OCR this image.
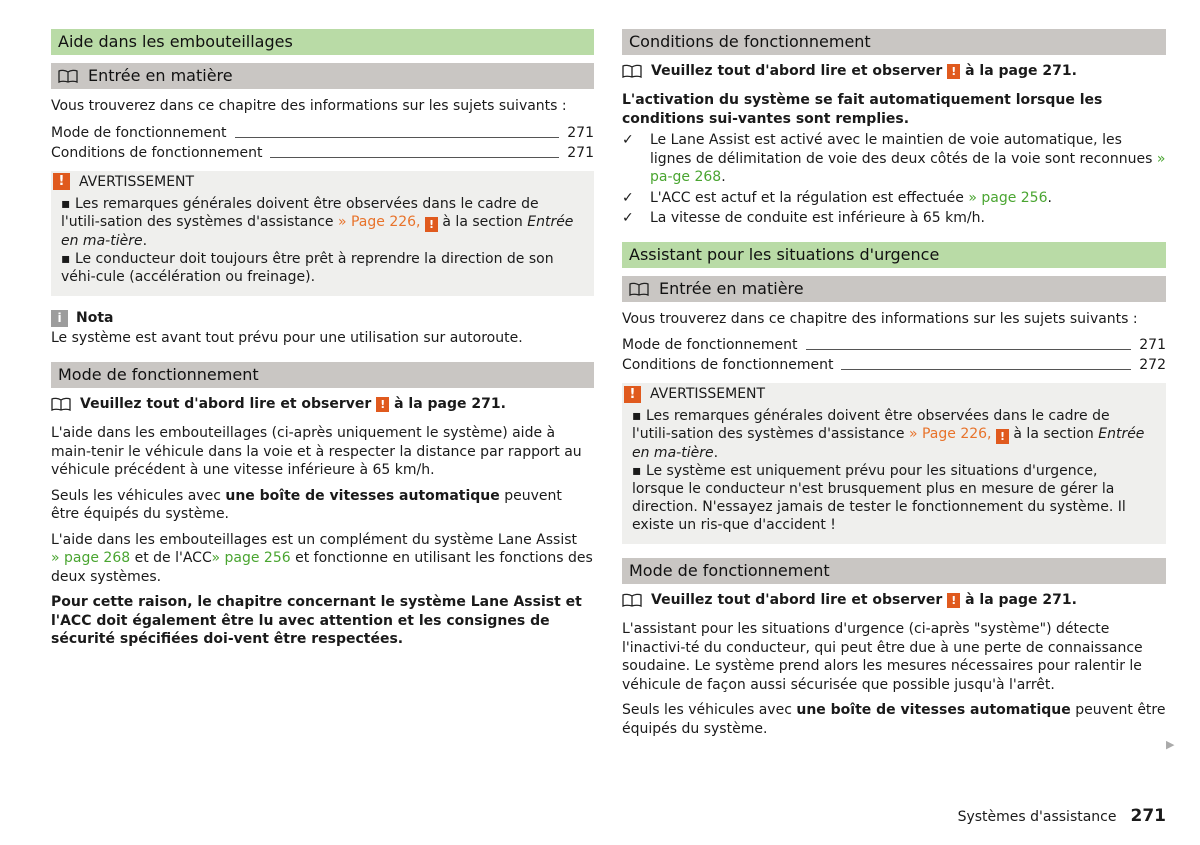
Aide dans les embouteillages
Entrée en matière

Vous trouverez dans ce chapitre des informations sur les sujets suivants :

Mode de fonctionnement	271
Conditions de fonctionnement	271
!	AVERTISSEMENT
▪ Les remarques générales doivent être observées dans le cadre de l'utili-sation des systèmes d'assistance » Page 226, ! à la section Entrée en ma-tière.
▪ Le conducteur doit toujours être prêt à reprendre la direction de son véhi-cule (accélération ou freinage).
i	Nota

Le système est avant tout prévu pour une utilisation sur autoroute.

Mode de fonctionnement
Veuillez tout d'abord lire et observer
!
à la page 271.

L'aide dans les embouteillages (ci-après uniquement le système) aide à main-tenir le véhicule dans la voie et à respecter la distance par rapport au véhicule précédent à une vitesse inférieure à 65 km/h.

Seuls les véhicules avec une boîte de vitesses automatique peuvent être équipés du système.

L'aide dans les embouteillages est un complément du système Lane Assist
» page 268 et de l'ACC» page 256 et fonctionne en utilisant les fonctions des deux systèmes.

Pour cette raison, le chapitre concernant le système Lane Assist et l'ACC doit également être lu avec attention et les consignes de sécurité spécifiées doi-vent être respectées.

Conditions de fonctionnement
Veuillez tout d'abord lire et observer
!
à la page 271.

L'activation du système se fait automatiquement lorsque les conditions sui-vantes sont remplies.

✓	Le Lane Assist est activé avec le maintien de voie automatique, les lignes de délimitation de voie des deux côtés de la voie sont reconnues » pa-ge 268.
✓	L'ACC est actuf et la régulation est effectuée » page 256.
✓	La vitesse de conduite est inférieure à 65 km/h.
Assistant pour les situations d'urgence
Entrée en matière

Vous trouverez dans ce chapitre des informations sur les sujets suivants :

Mode de fonctionnement	271
Conditions de fonctionnement	272
!	AVERTISSEMENT
▪ Les remarques générales doivent être observées dans le cadre de l'utili-sation des systèmes d'assistance » Page 226, ! à la section Entrée en ma-tière.
▪ Le système est uniquement prévu pour les situations d'urgence, lorsque le conducteur n'est brusquement plus en mesure de gérer la direction. N'essayez jamais de tester le fonctionnement du système. Il existe un ris-que d'accident !
Mode de fonctionnement
Veuillez tout d'abord lire et observer
!
à la page 271.

L'assistant pour les situations d'urgence (ci-après "système") détecte l'inactivi-té du conducteur, qui peut être due à une perte de connaissance soudaine. Le système prend alors les mesures nécessaires pour ralentir le véhicule de façon aussi sécurisée que possible jusqu'à l'arrêt.

Seuls les véhicules avec une boîte de vitesses automatique peuvent être équipés du système.

▶
Systèmes d'assistance 271
